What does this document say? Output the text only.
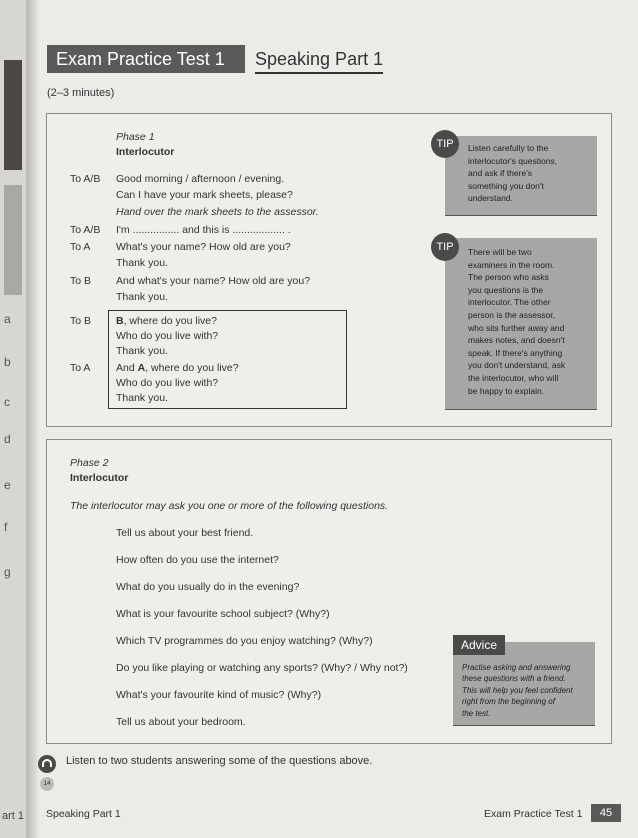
a
b
c
d
e
f
g
art 1
Exam Practice Test 1	Speaking Part 1
(2–3 minutes)
Phase 1
Interlocutor
To A/B Good morning / afternoon / evening.
Can I have your mark sheets, please?
Hand over the mark sheets to the assessor.
To A/B I'm ................ and this is .................. .
To A What's your name? How old are you?
Thank you.
To B And what's your name? How old are you?
Thank you.
To B B, where do you live?
Who do you live with?
Thank you.
To A And A, where do you live?
Who do you live with?
Thank you.
Listen carefully to the
interlocutor's questions,
and ask if there's
something you don't
understand.
TIP
There will be two
examiners in the room.
The person who asks
you questions is the
interlocutor. The other
person is the assessor,
who sits further away and
makes notes, and doesn't
speak. If there's anything
you don't understand, ask
the interlocutor, who will
be happy to explain.
TIP
Phase 2
Interlocutor
The interlocutor may ask you one or more of the following questions.
Tell us about your best friend.
How often do you use the internet?
What do you usually do in the evening?
What is your favourite school subject? (Why?)
Which TV programmes do you enjoy watching? (Why?)
Do you like playing or watching any sports? (Why? / Why not?)
What's your favourite kind of music? (Why?)
Tell us about your bedroom.
Practise asking and answering
these questions with a friend.
This will help you feel confident
right from the beginning of
the test.
Advice
14
Listen to two students answering some of the questions above.
Speaking Part 1	Exam Practice Test 1	45
